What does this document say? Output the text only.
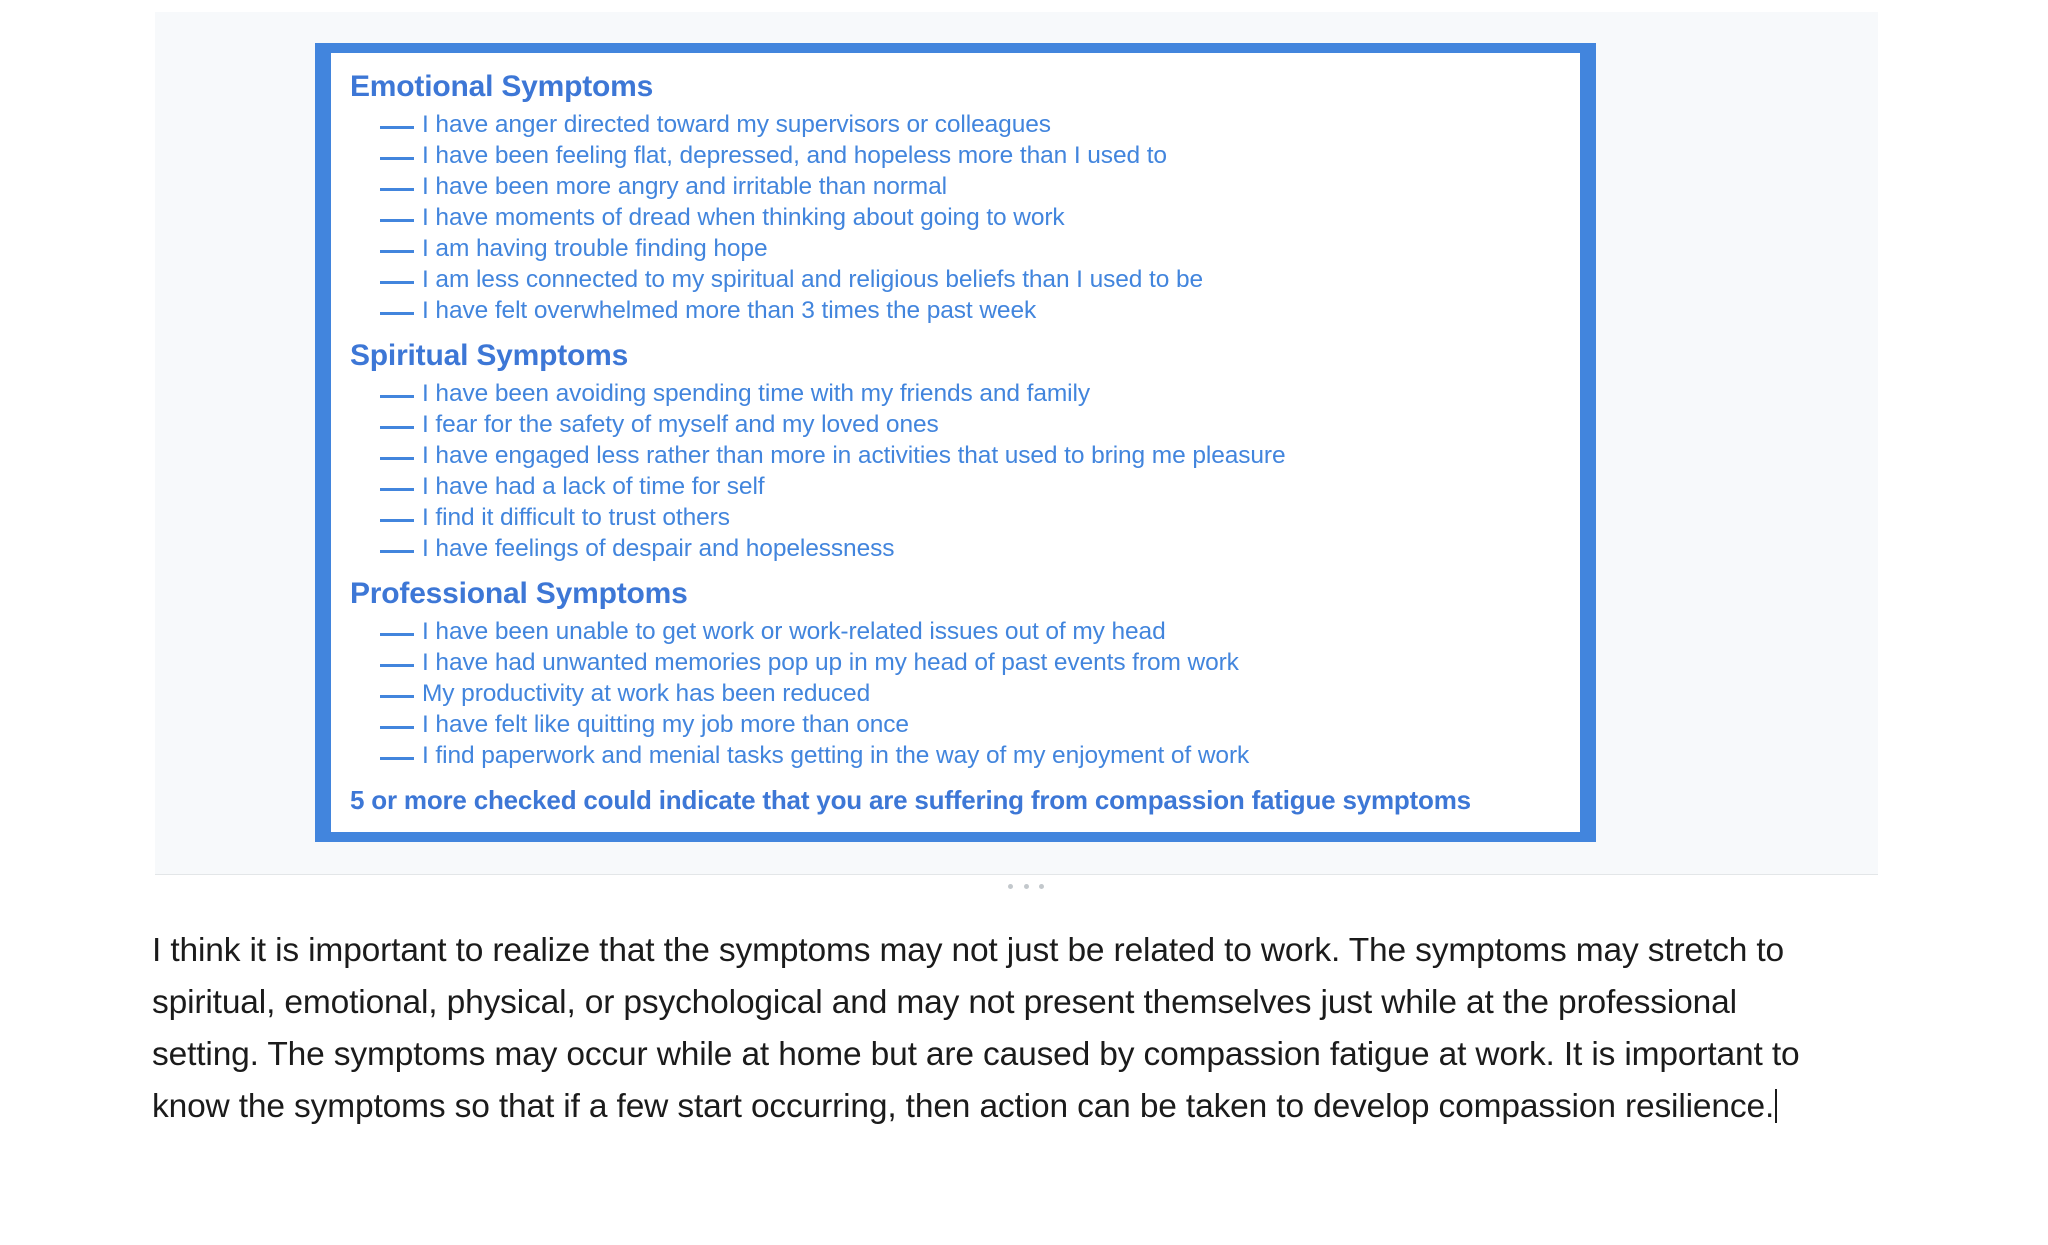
Emotional Symptoms
I have anger directed toward my supervisors or colleagues
I have been feeling flat, depressed, and hopeless more than I used to
I have been more angry and irritable than normal
I have moments of dread when thinking about going to work
I am having trouble finding hope
I am less connected to my spiritual and religious beliefs than I used to be
I have felt overwhelmed more than 3 times the past week
Spiritual Symptoms
I have been avoiding spending time with my friends and family
I fear for the safety of myself and my loved ones
I have engaged less rather than more in activities that used to bring me pleasure
I have had a lack of time for self
I find it difficult to trust others
I have feelings of despair and hopelessness
Professional Symptoms
I have been unable to get work or work-related issues out of my head
I have had unwanted memories pop up in my head of past events from work
My productivity at work has been reduced
I have felt like quitting my job more than once
I find paperwork and menial tasks getting in the way of my enjoyment of work
5 or more checked could indicate that you are suffering from compassion fatigue symptoms
I think it is important to realize that the symptoms may not just be related to work. The symptoms may stretch to spiritual, emotional, physical, or psychological and may not present themselves just while at the professional setting. The symptoms may occur while at home but are caused by compassion fatigue at work. It is important to know the symptoms so that if a few start occurring, then action can be taken to develop compassion resilience.
